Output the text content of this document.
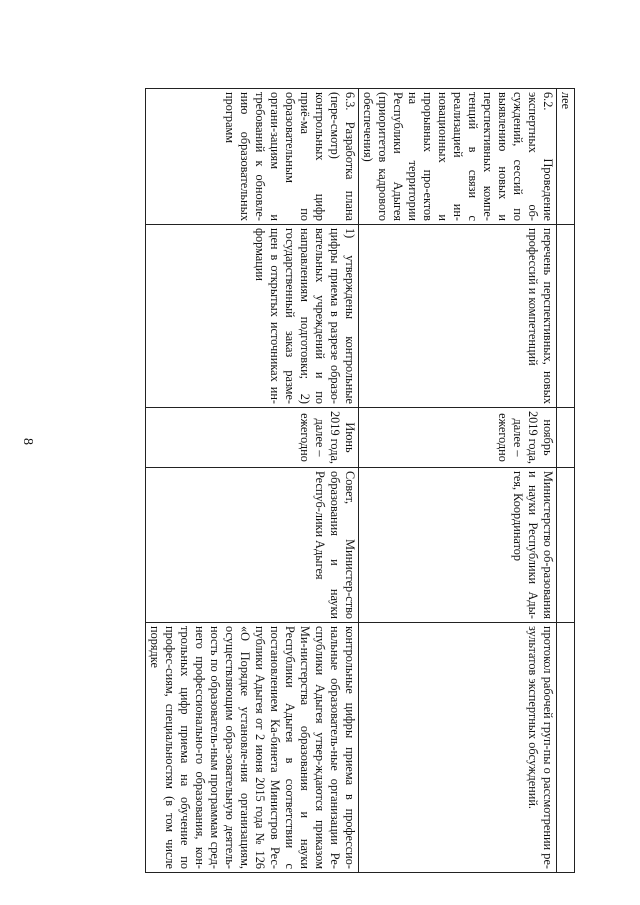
8
лее				
6.2. Проведение экспертных об-суждений, сессий по выявлению новых и перспективных компе-тенций в связи с реализацией ин-новационных и прорывных про-ектов на территории Республики Адыгея (приоритетов кадрового обеспечения)	перечень перспективных, новых профессий и компетенций	ноябрь 2019 года, далее – ежегодно	Министерство об-разования и науки Республики Ады-гея, Координатор	протокол рабочей груп-пы о рассмотрении ре-зультатов экспертных обсуждений.
6.3. Разработка плана (пере-смотр) контрольных цифр приё-ма по образовательным органи-зациям и требований к обновле-нию образовательных программ	1) утверждены контрольные цифры приема в разрезе образо-вательных учреждений и по направлениям подготовки; 2) государственный заказ разме-щен в открытых источниках ин-формации	Июнь 2019 года, далее – ежегодно	Совет, Министер-ство образования и науки Респуб-лики Адыгея	контрольные цифры приема в профессио-нальные образователь-ные организации Ре-спублики Адыгея утвер-ждаются приказом Ми-нистерства образования и науки Республики Адыгея в соответствии с постановлением Ка-бинета Министров Рес-публики Адыгея от 2 июня 2015 года № 126 «О Порядке установле-ния организациям, осуществляющим обра-зовательную деятель-ность по образователь-ным программам сред-него профессионально-го образования, кон-трольных цифр приема на обучение по профес-сиям, специальностям (в том числе порядке
